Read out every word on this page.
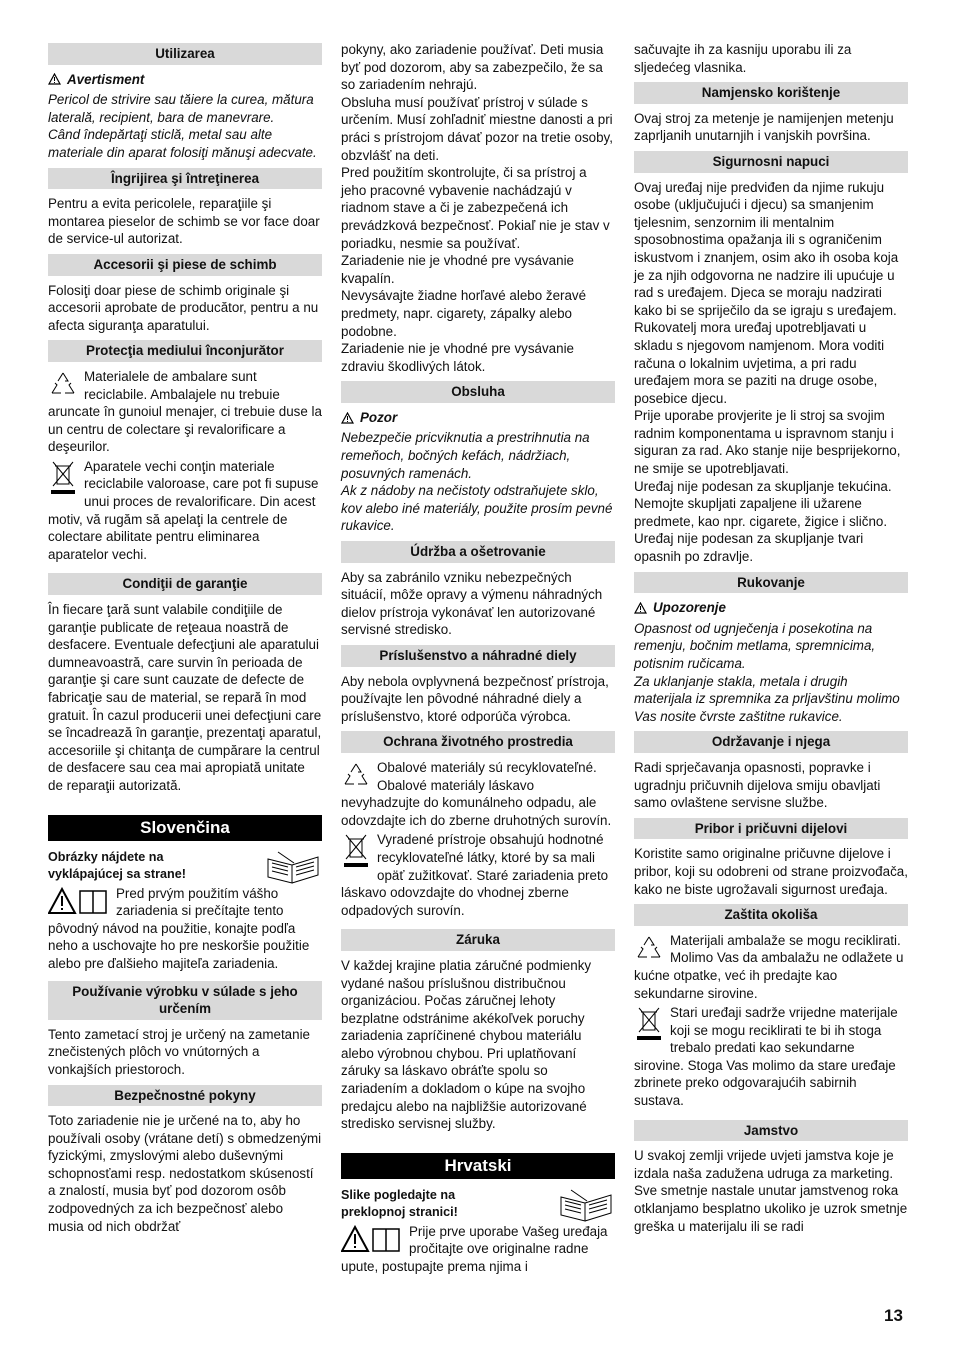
Utilizarea
Avertisment
Pericol de strivire sau tăiere la curea, mătura laterală, recipient, bara de manevrare.
Când îndepărtaţi sticlă, metal sau alte materiale din aparat folosiţi mănuşi adecvate.
Îngrijirea şi întreţinerea
Pentru a evita pericolele, reparaţiile şi montarea pieselor de schimb se vor face doar de service-ul autorizat.
Accesorii şi piese de schimb
Folosiţi doar piese de schimb originale şi accesorii aprobate de producător, pentru a nu afecta siguranţa aparatului.
Protecţia mediului înconjurător
Materialele de ambalare sunt reciclabile. Ambalajele nu trebuie aruncate în gunoiul menajer, ci trebuie duse la un centru de colectare şi revalorificare a deşeurilor.
Aparatele vechi conţin materiale reciclabile valoroase, care pot fi supuse unui proces de revalorificare. Din acest motiv, vă rugăm să apelaţi la centrele de colectare abilitate pentru eliminarea aparatelor vechi.
Condiţii de garanţie
În fiecare ţară sunt valabile condiţiile de garanţie publicate de reţeaua noastră de desfacere. Eventuale defecţiuni ale aparatului dumneavoastră, care survin în perioada de garanţie şi care sunt cauzate de defecte de fabricaţie sau de material, se repară în mod gratuit. În cazul producerii unei defecţiuni care se încadrează în garanţie, prezentaţi aparatul, accesoriile şi chitanţa de cumpărare la centrul de desfacere sau cea mai apropiată unitate de reparaţii autorizată.
Slovenčina
Obrázky nájdete na vyklápajúcej sa strane!
Pred prvým použitím vášho zariadenia si prečítajte tento pôvodný návod na použitie, konajte podľa neho a uschovajte ho pre neskoršie použitie alebo pre ďalšieho majiteľa zariadenia.
Používanie výrobku v súlade s jeho určením
Tento zametací stroj je určený na zametanie znečistených plôch vo vnútorných a vonkajších priestoroch.
Bezpečnostné pokyny
Toto zariadenie nie je určené na to, aby ho používali osoby (vrátane detí) s obmedzenými fyzickými, zmyslovými alebo duševnými schopnosťami resp. nedostatkom skúseností a znalostí, musia byť pod dozorom osôb zodpovedných za ich bezpečnosť alebo musia od nich obdržať
pokyny, ako zariadenie používať. Deti musia byť pod dozorom, aby sa zabezpečilo, že sa so zariadením nehrajú.
Obsluha musí používať prístroj v súlade s určením. Musí zohľadniť miestne danosti a pri práci s prístrojom dávať pozor na tretie osoby, obzvlášť na deti.
Pred použitím skontrolujte, či sa prístroj a jeho pracovné vybavenie nachádzajú v riadnom stave a či je zabezpečená ich prevádzková bezpečnosť. Pokiaľ nie je stav v poriadku, nesmie sa používať.
Zariadenie nie je vhodné pre vysávanie kvapalín.
Nevysávajte žiadne horľavé alebo žeravé predmety, napr. cigarety, zápalky alebo podobne.
Zariadenie nie je vhodné pre vysávanie zdraviu škodlivých látok.
Obsluha
Pozor
Nebezpečie pricviknutia a prestrihnutia na remeňoch, bočných kefách, nádržiach, posuvných ramenách.
Ak z nádoby na nečistoty odstraňujete sklo, kov alebo iné materiály, použite prosím pevné rukavice.
Údržba a ošetrovanie
Aby sa zabránilo vzniku nebezpečných situácií, môže opravy a výmenu náhradných dielov prístroja vykonávať len autorizované servisné stredisko.
Príslušenstvo a náhradné diely
Aby nebola ovplyvnená bezpečnosť prístroja, používajte len pôvodné náhradné diely a príslušenstvo, ktoré odporúča výrobca.
Ochrana životného prostredia
Obalové materiály sú recyklovateľné. Obalové materiály láskavo nevyhadzujte do komunálneho odpadu, ale odovzdajte ich do zberne druhotných surovín.
Vyradené prístroje obsahujú hodnotné recyklovateľné látky, ktoré by sa mali opäť zužitkovať. Staré zariadenia preto láskavo odovzdajte do vhodnej zberne odpadových surovín.
Záruka
V každej krajine platia záručné podmienky vydané našou príslušnou distribučnou organizáciou. Počas záručnej lehoty bezplatne odstránime akékoľvek poruchy zariadenia zapríčinené chybou materiálu alebo výrobnou chybou. Pri uplatňovaní záruky sa láskavo obráťte spolu so zariadením a dokladom o kúpe na svojho predajcu alebo na najbližšie autorizované stredisko servisnej služby.
Hrvatski
Slike pogledajte na preklopnoj stranici!
Prije prve uporabe Vašeg uređaja pročitajte ove originalne radne upute, postupajte prema njima i
sačuvajte ih za kasniju uporabu ili za sljedećeg vlasnika.
Namjensko korištenje
Ovaj stroj za metenje je namijenjen metenju zaprljanih unutarnjih i vanjskih površina.
Sigurnosni napuci
Ovaj uređaj nije predviđen da njime rukuju osobe (uključujući i djecu) sa smanjenim tjelesnim, senzornim ili mentalnim sposobnostima opažanja ili s ograničenim iskustvom i znanjem, osim ako ih osoba koja je za njih odgovorna ne nadzire ili upućuje u rad s uređajem. Djeca se moraju nadzirati kako bi se spriječilo da se igraju s uređajem.
Rukovatelj mora uređaj upotrebljavati u skladu s njegovom namjenom. Mora voditi računa o lokalnim uvjetima, a pri radu uređajem mora se paziti na druge osobe, posebice djecu.
Prije uporabe provjerite je li stroj sa svojim radnim komponentama u ispravnom stanju i siguran za rad. Ako stanje nije besprijekorno, ne smije se upotrebljavati.
Uređaj nije podesan za skupljanje tekućina.
Nemojte skupljati zapaljene ili užarene predmete, kao npr. cigarete, žigice i slično.
Uređaj nije podesan za skupljanje tvari opasnih po zdravlje.
Rukovanje
Upozorenje
Opasnost od ugnječenja i posekotina na remenju, bočnim metlama, spremnicima, potisnim ručicama.
Za uklanjanje stakla, metala i drugih materijala iz spremnika za prljavštinu molimo Vas nosite čvrste zaštitne rukavice.
Održavanje i njega
Radi sprječavanja opasnosti, popravke i ugradnju pričuvnih dijelova smiju obavljati samo ovlaštene servisne službe.
Pribor i pričuvni dijelovi
Koristite samo originalne pričuvne dijelove i pribor, koji su odobreni od strane proizvođača, kako ne biste ugrožavali sigurnost uređaja.
Zaštita okoliša
Materijali ambalaže se mogu reciklirati. Molimo Vas da ambalažu ne odlažete u kućne otpatke, već ih predajte kao sekundarne sirovine.
Stari uređaji sadrže vrijedne materijale koji se mogu reciklirati te bi ih stoga trebalo predati kao sekundarne sirovine. Stoga Vas molimo da stare uređaje zbrinete preko odgovarajućih sabirnih sustava.
Jamstvo
U svakoj zemlji vrijede uvjeti jamstva koje je izdala naša zadužena udruga za marketing. Sve smetnje nastale unutar jamstvenog roka otklanjamo besplatno ukoliko je uzrok smetnje greška u materijalu ili se radi
13
